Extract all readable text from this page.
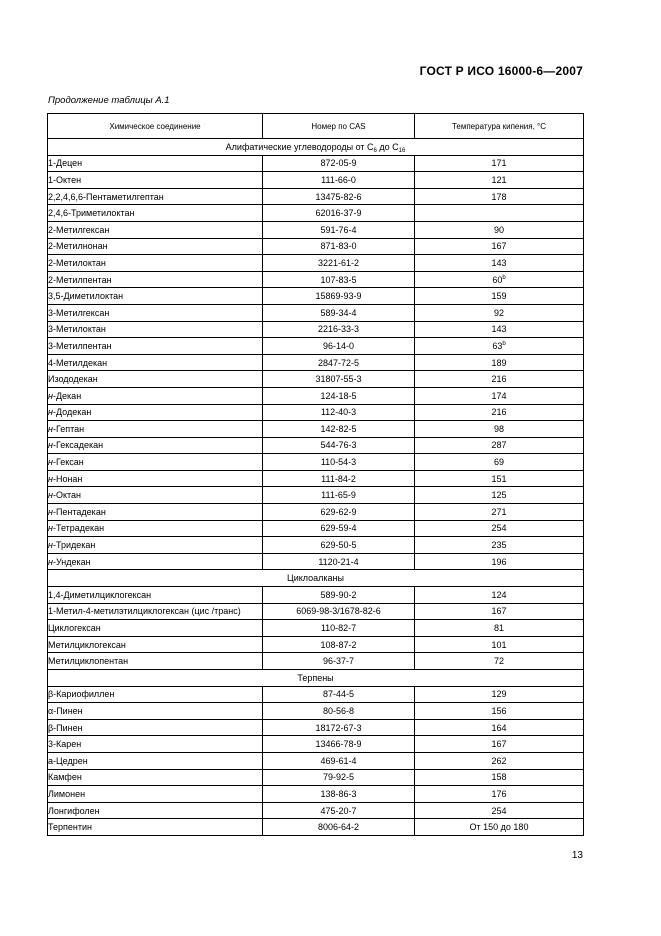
ГОСТ Р ИСО 16000-6—2007
Продолжение таблицы А.1
Химическое соединение	Номер по CAS	Температура кипения, °С
Алифатические углеводороды от $С_6$ до $С_{16}$
1-Децен	872-05-9	171
1-Октен	111-66-0	121
2,2,4,6,6-Пентаметилгептан	13475-82-6	178
2,4,6-Триметилоктан	62016-37-9	
2-Метилгексан	591-76-4	90
2-Метилнонан	871-83-0	167
2-Метилоктан	3221-61-2	143
2-Метилпентан	107-83-5	60$^b$
3,5-Диметилоктан	15869-93-9	159
3-Метилгексан	589-34-4	92
3-Метилоктан	2216-33-3	143
3-Метилпентан	96-14-0	63$^b$
4-Метилдекан	2847-72-5	189
Изододекан	31807-55-3	216
н-Декан	124-18-5	174
н-Додекан	112-40-3	216
н-Гептан	142-82-5	98
н-Гексадекан	544-76-3	287
н-Гексан	110-54-3	69
н-Нонан	111-84-2	151
н-Октан	111-65-9	125
н-Пентадекан	629-62-9	271
н-Тетрадекан	629-59-4	254
н-Тридекан	629-50-5	235
н-Ундекан	1120-21-4	196
Циклоалканы		
1,4-Диметилциклогексан	589-90-2	124
1-Метил-4-метилэтилциклогексан (цис /транс)	6069-98-3/1678-82-6	167
Циклогексан	110-82-7	81
Метилциклогексан	108-87-2	101
Метилциклопентан	96-37-7	72
Терпены		
β-Кариофиллен	87-44-5	129
α-Пинен	80-56-8	156
β-Пинен	18172-67-3	164
3-Карен	13466-78-9	167
а-Цедрен	469-61-4	262
Камфен	79-92-5	158
Лимонен	138-86-3	176
Лонгифолен	475-20-7	254
Терпентин	8006-64-2	От 150 до 180
13
